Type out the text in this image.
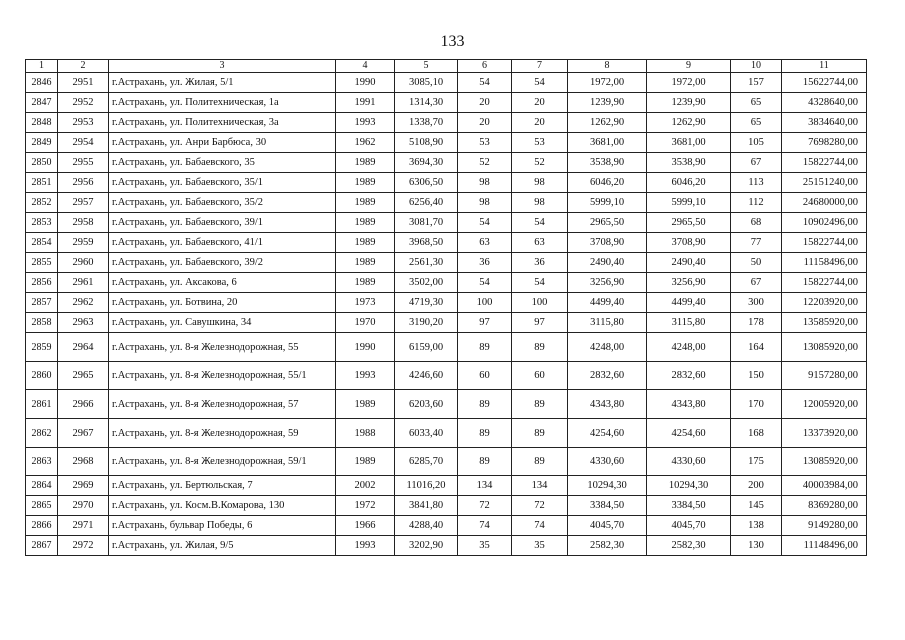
133
1	2	3	4	5	6	7	8	9	10	11
2846	2951	г.Астрахань, ул. Жилая, 5/1	1990	3085,10	54	54	1972,00	1972,00	157	15622744,00
2847	2952	г.Астрахань, ул. Политехническая, 1а	1991	1314,30	20	20	1239,90	1239,90	65	4328640,00
2848	2953	г.Астрахань, ул. Политехническая, 3а	1993	1338,70	20	20	1262,90	1262,90	65	3834640,00
2849	2954	г.Астрахань, ул. Анри Барбюса, 30	1962	5108,90	53	53	3681,00	3681,00	105	7698280,00
2850	2955	г.Астрахань, ул. Бабаевского, 35	1989	3694,30	52	52	3538,90	3538,90	67	15822744,00
2851	2956	г.Астрахань, ул. Бабаевского, 35/1	1989	6306,50	98	98	6046,20	6046,20	113	25151240,00
2852	2957	г.Астрахань, ул. Бабаевского, 35/2	1989	6256,40	98	98	5999,10	5999,10	112	24680000,00
2853	2958	г.Астрахань, ул. Бабаевского, 39/1	1989	3081,70	54	54	2965,50	2965,50	68	10902496,00
2854	2959	г.Астрахань, ул. Бабаевского, 41/1	1989	3968,50	63	63	3708,90	3708,90	77	15822744,00
2855	2960	г.Астрахань, ул. Бабаевского, 39/2	1989	2561,30	36	36	2490,40	2490,40	50	11158496,00
2856	2961	г.Астрахань, ул. Аксакова, 6	1989	3502,00	54	54	3256,90	3256,90	67	15822744,00
2857	2962	г.Астрахань, ул. Ботвина, 20	1973	4719,30	100	100	4499,40	4499,40	300	12203920,00
2858	2963	г.Астрахань, ул. Савушкина, 34	1970	3190,20	97	97	3115,80	3115,80	178	13585920,00
2859	2964	г.Астрахань, ул. 8-я Железнодорожная, 55	1990	6159,00	89	89	4248,00	4248,00	164	13085920,00
2860	2965	г.Астрахань, ул. 8-я Железнодорожная, 55/1	1993	4246,60	60	60	2832,60	2832,60	150	9157280,00
2861	2966	г.Астрахань, ул. 8-я Железнодорожная, 57	1989	6203,60	89	89	4343,80	4343,80	170	12005920,00
2862	2967	г.Астрахань, ул. 8-я Железнодорожная, 59	1988	6033,40	89	89	4254,60	4254,60	168	13373920,00
2863	2968	г.Астрахань, ул. 8-я Железнодорожная, 59/1	1989	6285,70	89	89	4330,60	4330,60	175	13085920,00
2864	2969	г.Астрахань, ул. Бертюльская, 7	2002	11016,20	134	134	10294,30	10294,30	200	40003984,00
2865	2970	г.Астрахань, ул. Косм.В.Комарова, 130	1972	3841,80	72	72	3384,50	3384,50	145	8369280,00
2866	2971	г.Астрахань, бульвар Победы, 6	1966	4288,40	74	74	4045,70	4045,70	138	9149280,00
2867	2972	г.Астрахань, ул. Жилая, 9/5	1993	3202,90	35	35	2582,30	2582,30	130	11148496,00
